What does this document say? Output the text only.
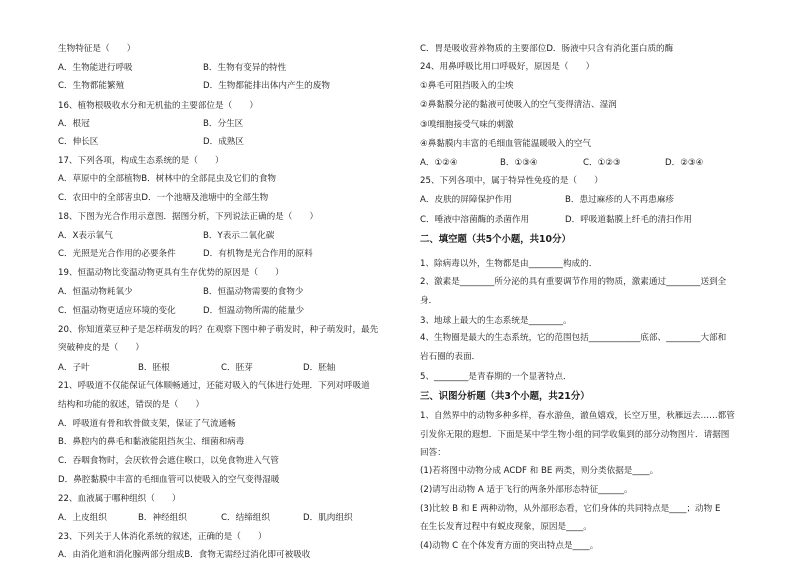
生物特征是（　　）
A．生物能进行呼吸	B．生物有变异的特性
C．生物都能繁殖	D．生物都能排出体内产生的废物
16、植物根吸收水分和无机盐的主要部位是（　　）
A．根冠	B．分生区
C．伸长区	D．成熟区
17、下列各项，构成生态系统的是（　　）
A．草原中的全部植物B．树林中的全部昆虫及它们的食物
C．农田中的全部害虫D．一个池塘及池塘中的全部生物
18、下图为光合作用示意图．据图分析，下列说法正确的是（　　）
A．X表示氧气	B．Y表示二氧化碳
C．光照是光合作用的必要条件	D．有机物是光合作用的原料
19、恒温动物比变温动物更具有生存优势的原因是（　　）
A．恒温动物耗氧少	B．恒温动物需要的食物少
C．恒温动物更适应环境的变化	D．恒温动物所需的能量少
20、你知道菜豆种子是怎样萌发的吗？在观察下图中种子萌发时，种子萌发时，最先
突破种皮的是（　　）
A．子叶	B．胚根	C．胚芽	D．胚轴
21、呼吸道不仅能保证气体顺畅通过，还能对吸入的气体进行处理．下列对呼吸道
结构和功能的叙述，错误的是（　　）
A．呼吸道有骨和软骨做支架，保证了气流通畅
B．鼻腔内的鼻毛和黏液能阻挡灰尘、细菌和病毒
C．吞咽食物时，会厌软骨会遮住喉口，以免食物进入气管
D．鼻腔黏膜中丰富的毛细血管可以使吸入的空气变得湿暖
22、血液属于哪种组织（　　）
A．上皮组织	B．神经组织	C．结缔组织	D．肌肉组织
23、下列关于人体消化系统的叙述，正确的是（　　）
A．由消化道和消化腺两部分组成B．食物无需经过消化即可被吸收
C．胃是吸收营养物质的主要部位D．肠液中只含有消化蛋白质的酶
24、用鼻呼吸比用口呼吸好，原因是（　　）
①鼻毛可阻挡吸入的尘埃
②鼻黏膜分泌的黏液可使吸入的空气变得清洁、湿润
③嗅细胞接受气味的刺激
④鼻黏膜内丰富的毛细血管能温暖吸入的空气
A．①②④	B．①③④	C．①②③	D．②③④
25、下列各项中，属于特异性免疫的是（　　）
A．皮肤的屏障保护作用	B．患过麻疹的人不再患麻疹
C．唾液中溶菌酶的杀菌作用	D．呼吸道黏膜上纤毛的清扫作用
二、填空题（共5个小题，共10分）
1、除病毒以外，生物都是由________构成的．
2、激素是________所分泌的具有重要调节作用的物质，激素通过________送到全
身．
3、地球上最大的生态系统是________。
4、生物圈是最大的生态系统，它的范围包括____________底部、________大部和
岩石圈的表面．
5、________是青春期的一个显著特点．
三、识图分析题（共3个小题，共21分）
1、自然界中的动物多种多样，春水游鱼，澈鱼嬉戏，长空万里，秋雁远去……都管
引发你无限的遐想．下面是某中学生物小组的同学收集到的部分动物图片．请据图
回答：
(1)若将图中动物分成 ACDF 和 BE 两类，则分类依据是____。
(2)请写出动物 A 适于飞行的两条外部形态特征______。
(3)比较 B 和 E 两种动物，从外部形态看，它们身体的共同特点是____；动物 E
在生长发育过程中有蜕皮现象，原因是____。
(4)动物 C 在个体发育方面的突出特点是____。
